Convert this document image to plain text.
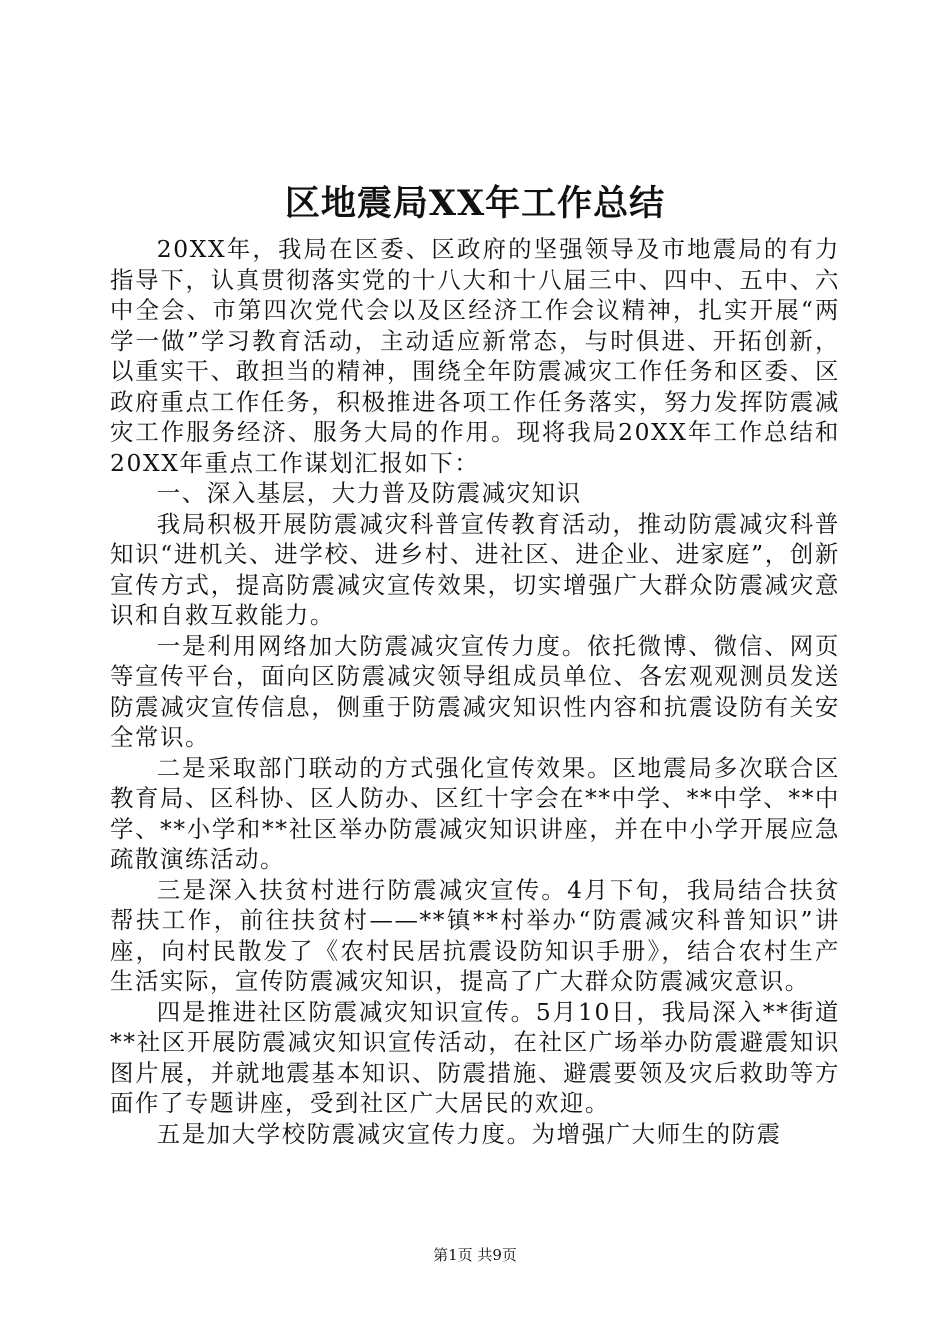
区地震局XX年工作总结

20XX年，我局在区委、区政府的坚强领导及市地震局的有力指导下，认真贯彻落实党的十八大和十八届三中、四中、五中、六中全会、市第四次党代会以及区经济工作会议精神，扎实开展“两学一做”学习教育活动，主动适应新常态，与时俱进、开拓创新，以重实干、敢担当的精神，围绕全年防震减灾工作任务和区委、区政府重点工作任务，积极推进各项工作任务落实，努力发挥防震减灾工作服务经济、服务大局的作用。现将我局20XX年工作总结和20XX年重点工作谋划汇报如下：

一、深入基层，大力普及防震减灾知识

我局积极开展防震减灾科普宣传教育活动，推动防震减灾科普知识“进机关、进学校、进乡村、进社区、进企业、进家庭”，创新宣传方式，提高防震减灾宣传效果，切实增强广大群众防震减灾意识和自救互救能力。

一是利用网络加大防震减灾宣传力度。依托微博、微信、网页等宣传平台，面向区防震减灾领导组成员单位、各宏观观测员发送防震减灾宣传信息，侧重于防震减灾知识性内容和抗震设防有关安全常识。

二是采取部门联动的方式强化宣传效果。区地震局多次联合区教育局、区科协、区人防办、区红十字会在**中学、**中学、**中学、**小学和**社区举办防震减灾知识讲座，并在中小学开展应急疏散演练活动。

三是深入扶贫村进行防震减灾宣传。4月下旬，我局结合扶贫帮扶工作，前往扶贫村——**镇**村举办“防震减灾科普知识”讲座，向村民散发了《农村民居抗震设防知识手册》，结合农村生产生活实际，宣传防震减灾知识，提高了广大群众防震减灾意识。

四是推进社区防震减灾知识宣传。5月10日，我局深入**街道**社区开展防震减灾知识宣传活动，在社区广场举办防震避震知识图片展，并就地震基本知识、防震措施、避震要领及灾后救助等方面作了专题讲座，受到社区广大居民的欢迎。

五是加大学校防震减灾宣传力度。为增强广大师生的防震

第1页 共9页
